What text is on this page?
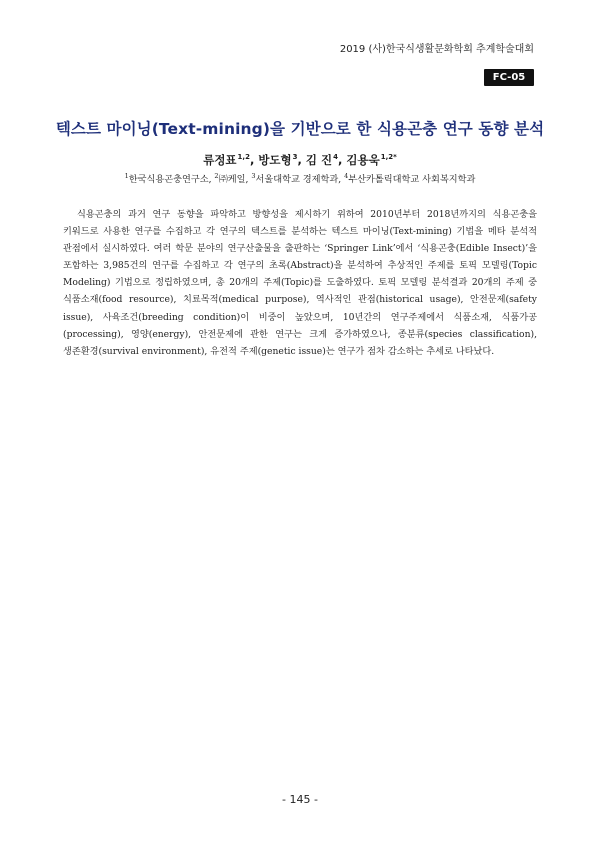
2019 (사)한국식생활문화학회 추계학술대회
FC-05
텍스트 마이닝(Text-mining)을 기반으로 한 식용곤충 연구 동향 분석
류정표$^{1,2}$, 방도형$^3$, 김 진$^4$, 김용욱$^{1,2*}$
$^1$한국식용곤충연구소, $^2$㈜케일, $^3$서울대학교 경제학과, $^4$부산카톨릭대학교 사회복지학과

식용곤충의 과거 연구 동향을 파악하고 방향성을 제시하기 위하여 2010년부터 2018년까지의 식용곤충을 키워드로 사용한 연구를 수집하고 각 연구의 텍스트를 분석하는 텍스트 마이닝(Text-mining) 기법을 메타 분석적 관점에서 실시하였다. 여러 학문 분야의 연구산출물을 출판하는 ‘Springer Link’에서 ‘식용곤충(Edible Insect)’을 포함하는 3,985건의 연구를 수집하고 각 연구의 초록(Abstract)을 분석하여 추상적인 주제를 토픽 모델링(Topic Modeling) 기법으로 정립하였으며, 총 20개의 주제(Topic)를 도출하였다. 토픽 모델링 분석결과 20개의 주제 중 식품소재(food resource), 치료목적(medical purpose), 역사적인 관점(historical usage), 안전문제(safety issue), 사육조건(breeding condition)이 비중이 높았으며, 10년간의 연구주제에서 식품소재, 식품가공(processing), 영양(energy), 안전문제에 관한 연구는 크게 증가하였으나, 종분류(species classification), 생존환경(survival environment), 유전적 주제(genetic issue)는 연구가 점차 감소하는 추세로 나타났다.

- 145 -
